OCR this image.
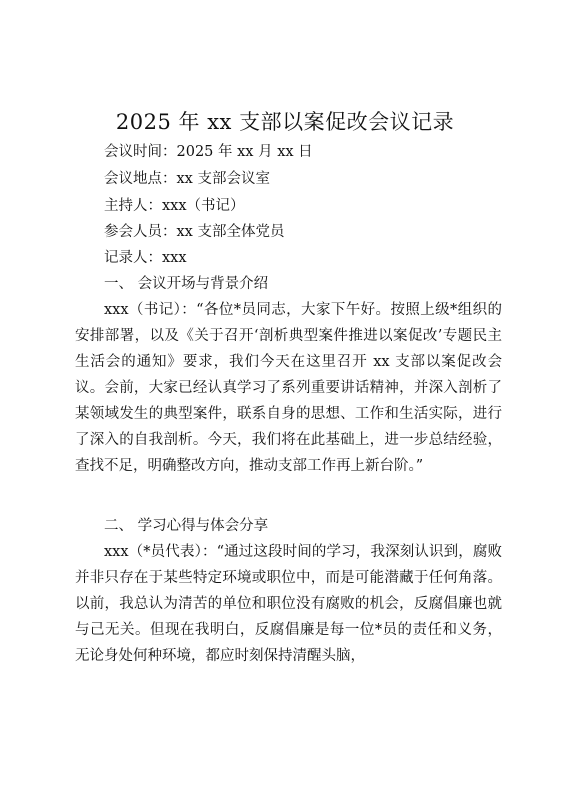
2025 年 xx 支部以案促改会议记录
会议时间：2025 年 xx 月 xx 日
会议地点：xx 支部会议室
主持人：xxx（书记）
参会人员：xx 支部全体党员
记录人：xxx
一、 会议开场与背景介绍

xxx（书记）：“各位*员同志，大家下午好。按照上级*组织的安排部署，以及《关于召开‘剖析典型案件推进以案促改’专题民主生活会的通知》要求，我们今天在这里召开 xx 支部以案促改会议。会前，大家已经认真学习了系列重要讲话精神，并深入剖析了某领域发生的典型案件，联系自身的思想、工作和生活实际，进行了深入的自我剖析。今天，我们将在此基础上，进一步总结经验，查找不足，明确整改方向，推动支部工作再上新台阶。”

二、 学习心得与体会分享

xxx（*员代表）：“通过这段时间的学习，我深刻认识到，腐败并非只存在于某些特定环境或职位中，而是可能潜藏于任何角落。以前，我总认为清苦的单位和职位没有腐败的机会，反腐倡廉也就与己无关。但现在我明白，反腐倡廉是每一位*员的责任和义务，无论身处何种环境，都应时刻保持清醒头脑，
